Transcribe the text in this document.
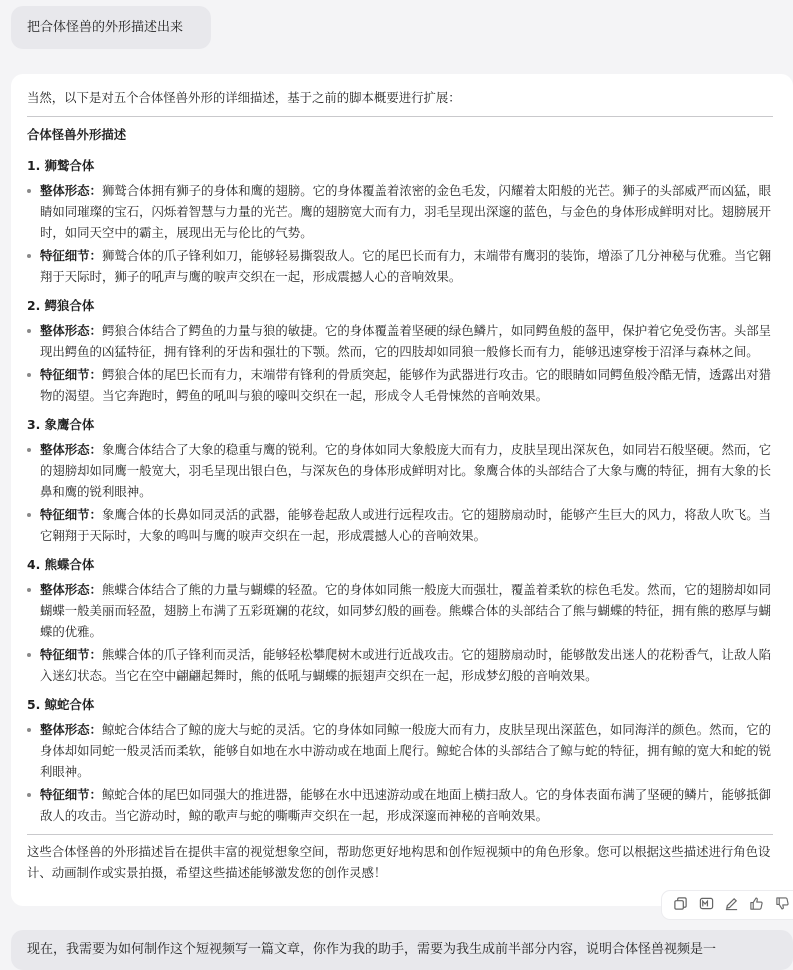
把合体怪兽的外形描述出来

当然，以下是对五个合体怪兽外形的详细描述，基于之前的脚本概要进行扩展：

合体怪兽外形描述

1. 狮鹫合体

整体形态：狮鹫合体拥有狮子的身体和鹰的翅膀。它的身体覆盖着浓密的金色毛发，闪耀着太阳般的光芒。狮子的头部威严而凶猛，眼睛如同璀璨的宝石，闪烁着智慧与力量的光芒。鹰的翅膀宽大而有力，羽毛呈现出深邃的蓝色，与金色的身体形成鲜明对比。翅膀展开时，如同天空中的霸主，展现出无与伦比的气势。
特征细节：狮鹫合体的爪子锋利如刀，能够轻易撕裂敌人。它的尾巴长而有力，末端带有鹰羽的装饰，增添了几分神秘与优雅。当它翱翔于天际时，狮子的吼声与鹰的唳声交织在一起，形成震撼人心的音响效果。

2. 鳄狼合体

整体形态：鳄狼合体结合了鳄鱼的力量与狼的敏捷。它的身体覆盖着坚硬的绿色鳞片，如同鳄鱼般的盔甲，保护着它免受伤害。头部呈现出鳄鱼的凶猛特征，拥有锋利的牙齿和强壮的下颚。然而，它的四肢却如同狼一般修长而有力，能够迅速穿梭于沼泽与森林之间。
特征细节：鳄狼合体的尾巴长而有力，末端带有锋利的骨质突起，能够作为武器进行攻击。它的眼睛如同鳄鱼般冷酷无情，透露出对猎物的渴望。当它奔跑时，鳄鱼的吼叫与狼的嚎叫交织在一起，形成令人毛骨悚然的音响效果。

3. 象鹰合体

整体形态：象鹰合体结合了大象的稳重与鹰的锐利。它的身体如同大象般庞大而有力，皮肤呈现出深灰色，如同岩石般坚硬。然而，它的翅膀却如同鹰一般宽大，羽毛呈现出银白色，与深灰色的身体形成鲜明对比。象鹰合体的头部结合了大象与鹰的特征，拥有大象的长鼻和鹰的锐利眼神。
特征细节：象鹰合体的长鼻如同灵活的武器，能够卷起敌人或进行远程攻击。它的翅膀扇动时，能够产生巨大的风力，将敌人吹飞。当它翱翔于天际时，大象的鸣叫与鹰的唳声交织在一起，形成震撼人心的音响效果。

4. 熊蝶合体

整体形态：熊蝶合体结合了熊的力量与蝴蝶的轻盈。它的身体如同熊一般庞大而强壮，覆盖着柔软的棕色毛发。然而，它的翅膀却如同蝴蝶一般美丽而轻盈，翅膀上布满了五彩斑斓的花纹，如同梦幻般的画卷。熊蝶合体的头部结合了熊与蝴蝶的特征，拥有熊的憨厚与蝴蝶的优雅。
特征细节：熊蝶合体的爪子锋利而灵活，能够轻松攀爬树木或进行近战攻击。它的翅膀扇动时，能够散发出迷人的花粉香气，让敌人陷入迷幻状态。当它在空中翩翩起舞时，熊的低吼与蝴蝶的振翅声交织在一起，形成梦幻般的音响效果。

5. 鲸蛇合体

整体形态：鲸蛇合体结合了鲸的庞大与蛇的灵活。它的身体如同鲸一般庞大而有力，皮肤呈现出深蓝色，如同海洋的颜色。然而，它的身体却如同蛇一般灵活而柔软，能够自如地在水中游动或在地面上爬行。鲸蛇合体的头部结合了鲸与蛇的特征，拥有鲸的宽大和蛇的锐利眼神。
特征细节：鲸蛇合体的尾巴如同强大的推进器，能够在水中迅速游动或在地面上横扫敌人。它的身体表面布满了坚硬的鳞片，能够抵御敌人的攻击。当它游动时，鲸的歌声与蛇的嘶嘶声交织在一起，形成深邃而神秘的音响效果。

这些合体怪兽的外形描述旨在提供丰富的视觉想象空间，帮助您更好地构思和创作短视频中的角色形象。您可以根据这些描述进行角色设计、动画制作或实景拍摄，希望这些描述能够激发您的创作灵感！

现在，我需要为如何制作这个短视频写一篇文章，你作为我的助手，需要为我生成前半部分内容，说明合体怪兽视频是一
